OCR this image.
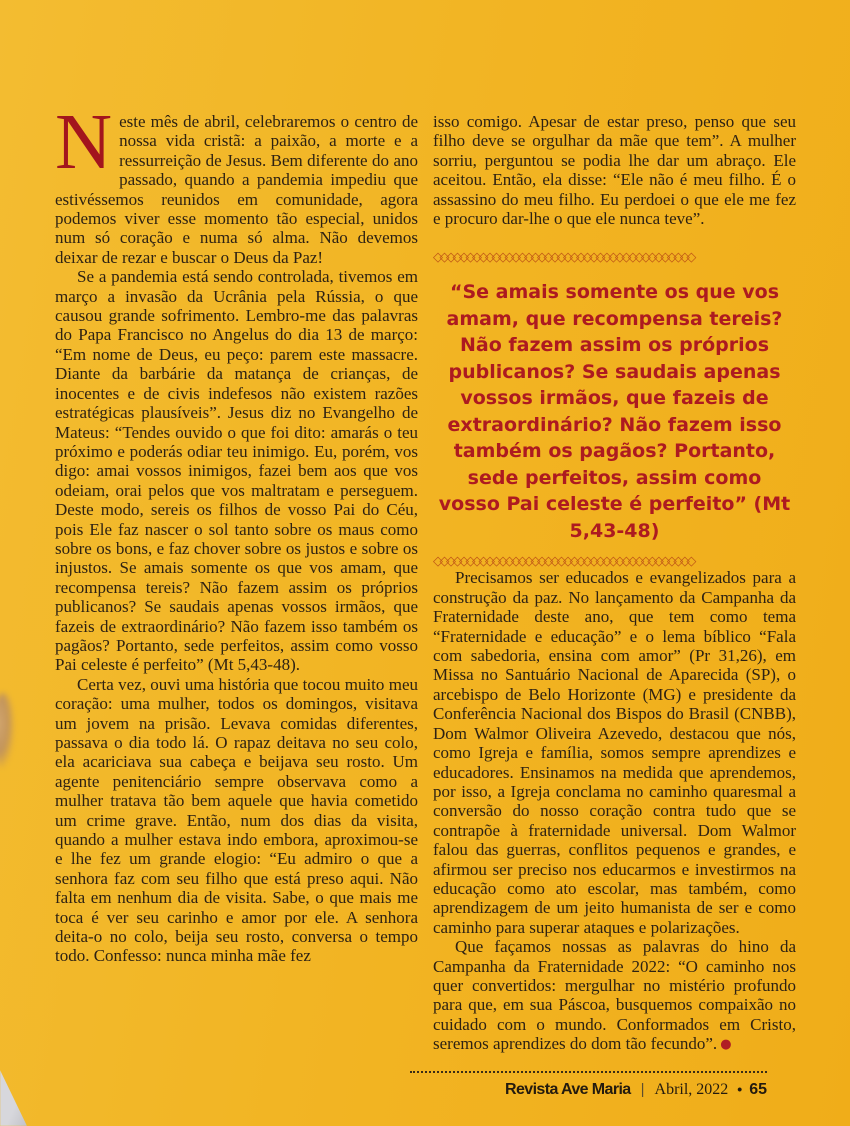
Neste mês de abril, celebraremos o centro de nossa vida cristã: a paixão, a morte e a ressurreição de Jesus. Bem diferente do ano passado, quando a pandemia impediu que estivéssemos reunidos em comunidade, agora podemos viver esse momento tão especial, unidos num só coração e numa só alma. Não devemos deixar de rezar e buscar o Deus da Paz!

Se a pandemia está sendo controlada, tivemos em março a invasão da Ucrânia pela Rússia, o que causou grande sofrimento. Lembro-me das palavras do Papa Francisco no Angelus do dia 13 de março: “Em nome de Deus, eu peço: parem este massacre. Diante da barbárie da matança de crianças, de inocentes e de civis indefesos não existem razões estratégicas plausíveis”. Jesus diz no Evangelho de Mateus: “Tendes ouvido o que foi dito: amarás o teu próximo e poderás odiar teu inimigo. Eu, porém, vos digo: amai vossos inimigos, fazei bem aos que vos odeiam, orai pelos que vos maltratam e perseguem. Deste modo, sereis os filhos de vosso Pai do Céu, pois Ele faz nascer o sol tanto sobre os maus como sobre os bons, e faz chover sobre os justos e sobre os injustos. Se amais somente os que vos amam, que recompensa tereis? Não fazem assim os próprios publicanos? Se saudais apenas vossos irmãos, que fazeis de extraordinário? Não fazem isso também os pagãos? Portanto, sede perfeitos, assim como vosso Pai celeste é perfeito” (Mt 5,43-48).

Certa vez, ouvi uma história que tocou muito meu coração: uma mulher, todos os domingos, visitava um jovem na prisão. Levava comidas diferentes, passava o dia todo lá. O rapaz deitava no seu colo, ela acariciava sua cabeça e beijava seu rosto. Um agente penitenciário sempre observava como a mulher tratava tão bem aquele que havia cometido um crime grave. Então, num dos dias da visita, quando a mulher estava indo embora, aproximou-se e lhe fez um grande elogio: “Eu admiro o que a senhora faz com seu filho que está preso aqui. Não falta em nenhum dia de visita. Sabe, o que mais me toca é ver seu carinho e amor por ele. A senhora deita-o no colo, beija seu rosto, conversa o tempo todo. Confesso: nunca minha mãe fez

isso comigo. Apesar de estar preso, penso que seu filho deve se orgulhar da mãe que tem”. A mulher sorriu, perguntou se podia lhe dar um abraço. Ele aceitou. Então, ela disse: “Ele não é meu filho. É o assassino do meu filho. Eu perdoei o que ele me fez e procuro dar-lhe o que ele nunca teve”.

◇◇◇◇◇◇◇◇◇◇◇◇◇◇◇◇◇◇◇◇◇◇◇◇◇◇◇◇◇◇◇◇◇◇◇◇◇◇◇◇

“Se amais somente os que vos amam, que recompensa tereis? Não fazem assim os próprios publicanos? Se saudais apenas vossos irmãos, que fazeis de extraordinário? Não fazem isso também os pagãos? Portanto, sede perfeitos, assim como vosso Pai celeste é perfeito” (Mt 5,43-48)

◇◇◇◇◇◇◇◇◇◇◇◇◇◇◇◇◇◇◇◇◇◇◇◇◇◇◇◇◇◇◇◇◇◇◇◇◇◇◇◇

Precisamos ser educados e evangelizados para a construção da paz. No lançamento da Campanha da Fraternidade deste ano, que tem como tema “Fraternidade e educação” e o lema bíblico “Fala com sabedoria, ensina com amor” (Pr 31,26), em Missa no Santuário Nacional de Aparecida (SP), o arcebispo de Belo Horizonte (MG) e presidente da Conferência Nacional dos Bispos do Brasil (CNBB), Dom Walmor Oliveira Azevedo, destacou que nós, como Igreja e família, somos sempre aprendizes e educadores. Ensinamos na medida que aprendemos, por isso, a Igreja conclama no caminho quaresmal a conversão do nosso coração contra tudo que se contrapõe à fraternidade universal. Dom Walmor falou das guerras, conflitos pequenos e grandes, e afirmou ser preciso nos educarmos e investirmos na educação como ato escolar, mas também, como aprendizagem de um jeito humanista de ser e como caminho para superar ataques e polarizações.

Que façamos nossas as palavras do hino da Campanha da Fraternidade 2022: “O caminho nos quer convertidos: mergulhar no mistério profundo para que, em sua Páscoa, busquemos compaixão no cuidado com o mundo. Conformados em Cristo, seremos aprendizes do dom tão fecundo”. ●

Revista Ave Maria | Abril, 2022 • 65
